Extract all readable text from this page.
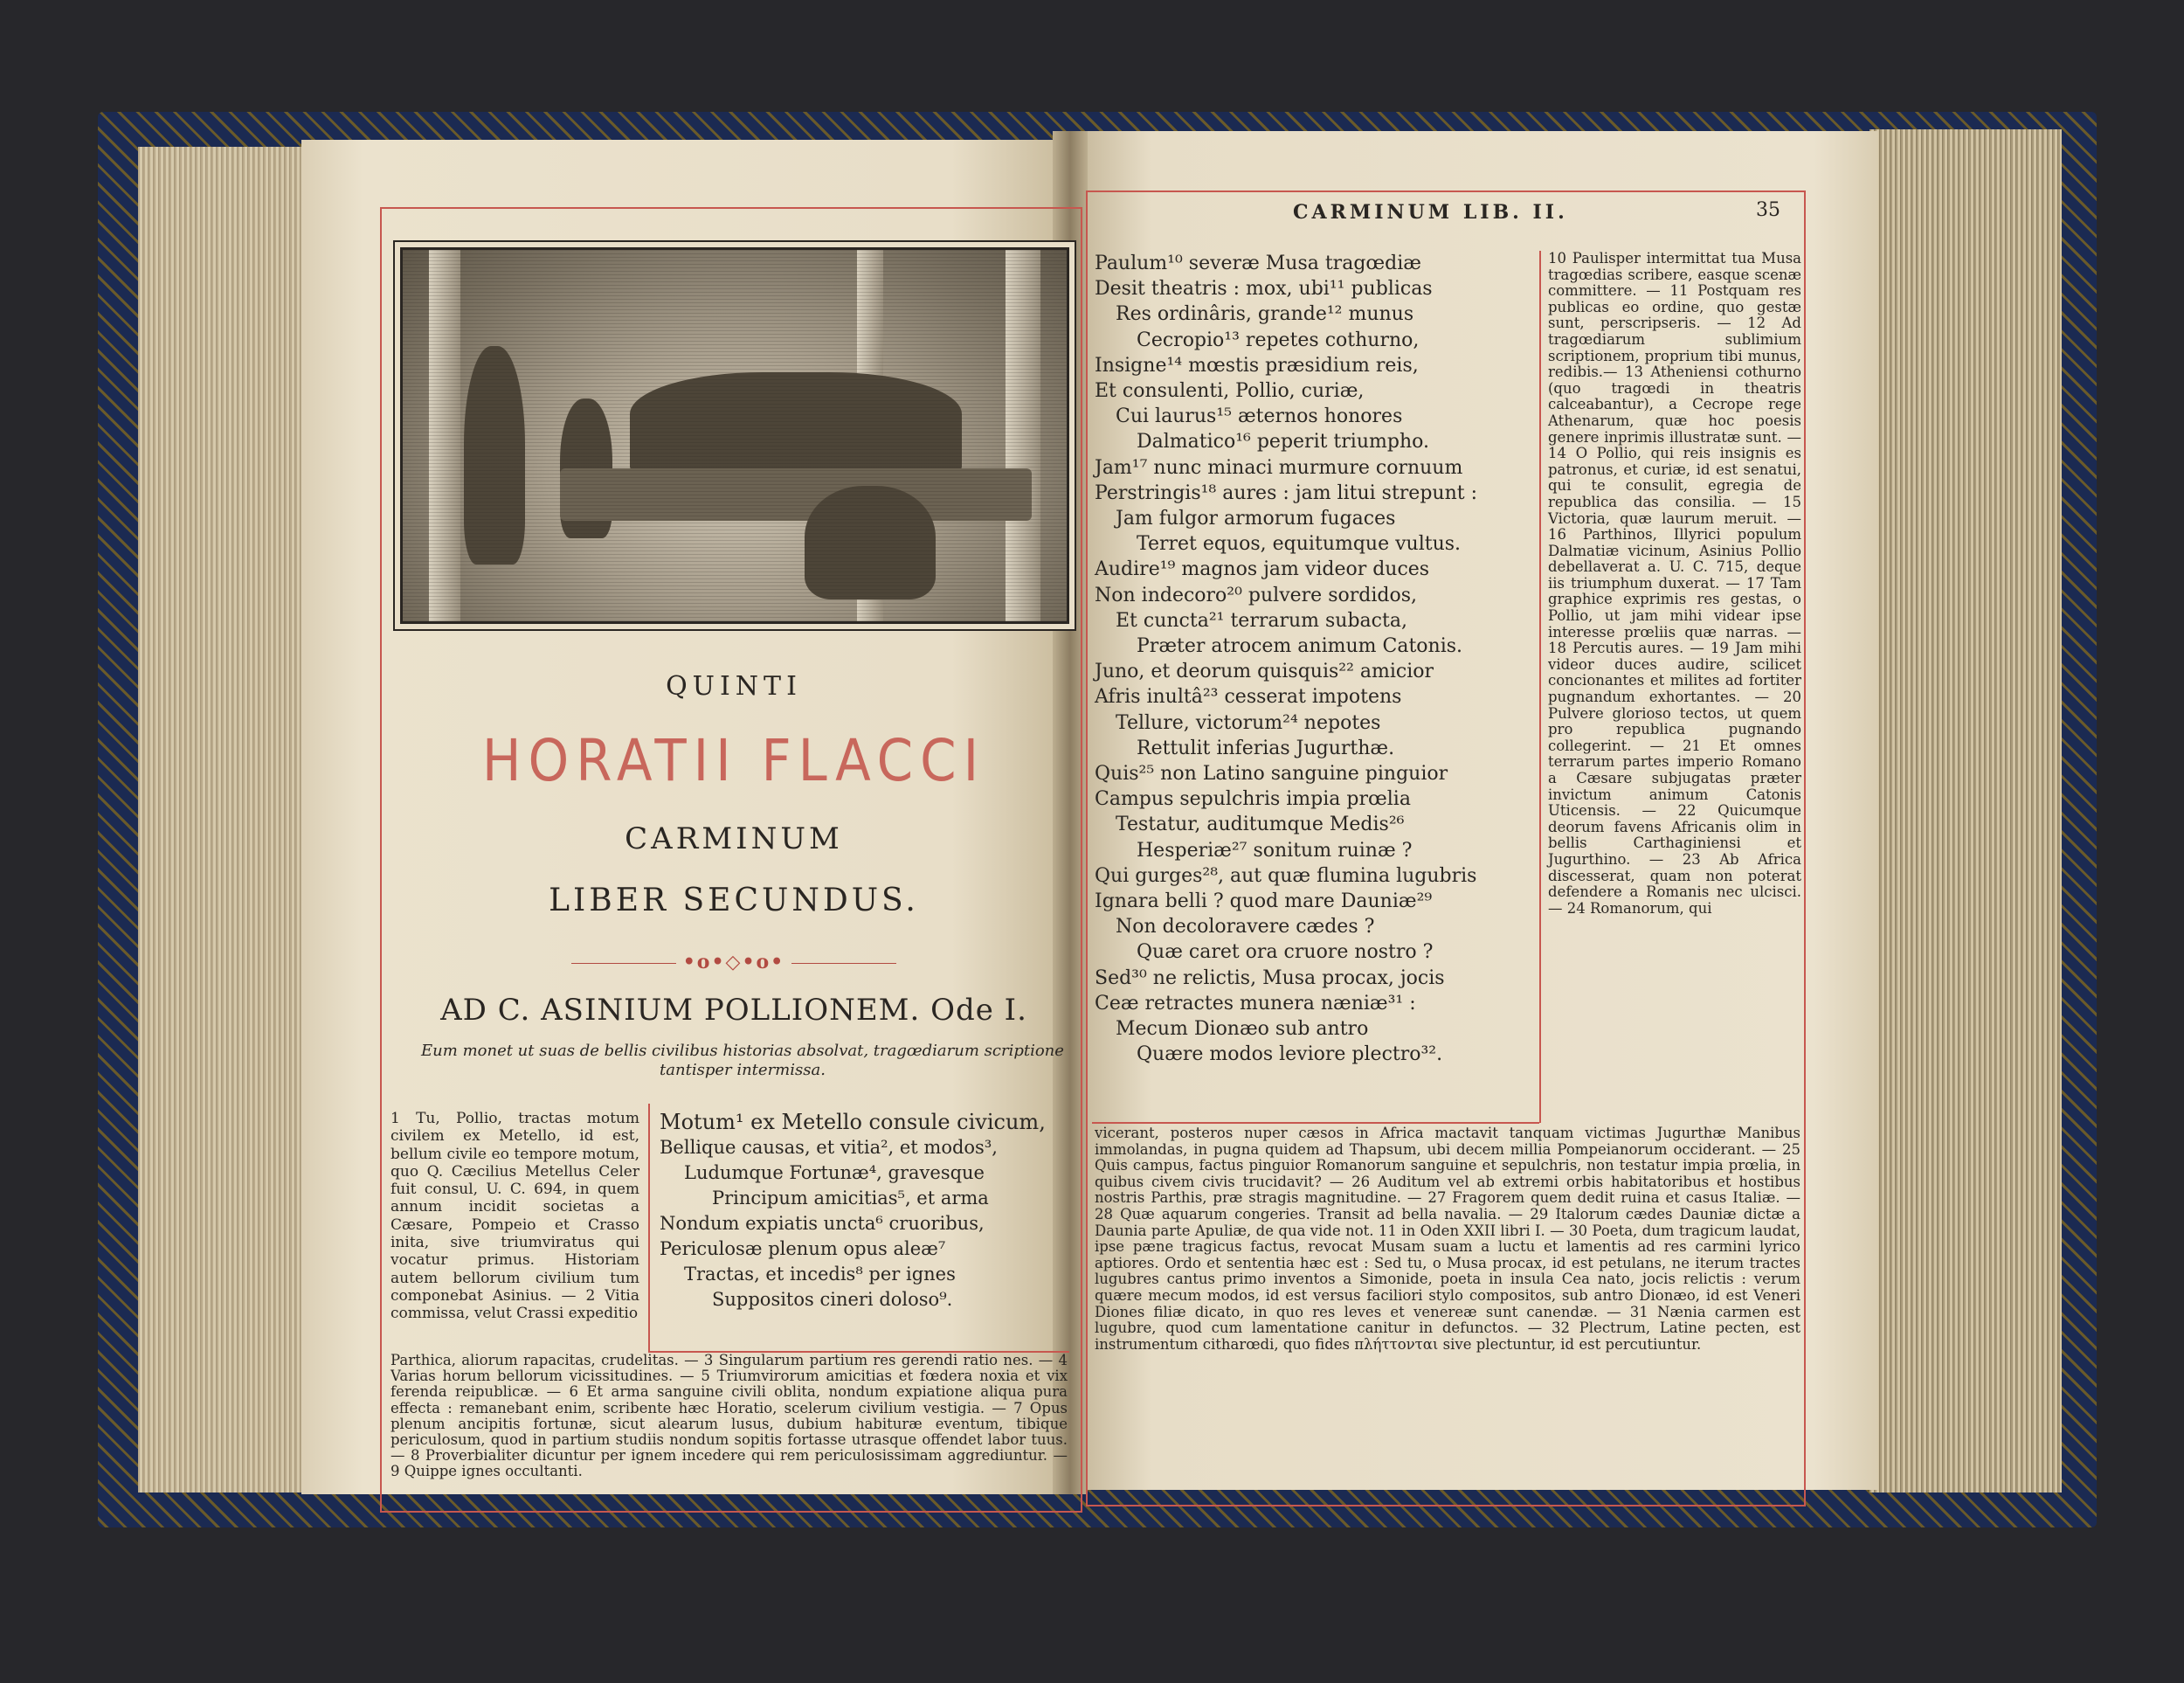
QUINTI
HORATII FLACCI
CARMINUM
LIBER SECUNDUS.
•o•◇•o•
AD C. ASINIUM POLLIONEM. Ode I.
Eum monet ut suas de bellis civilibus historias absolvat, tragœdiarum scriptione tantisper intermissa.
1 Tu, Pollio, tractas motum civilem ex Metello, id est, bellum civile eo tempore motum, quo Q. Cæcilius Metellus Celer fuit consul, U. C. 694, in quem annum incidit societas a Cæsare, Pompeio et Crasso inita, sive triumviratus qui vocatur primus. Historiam autem bellorum civilium tum componebat Asinius. — 2 Vitia commissa, velut Crassi expeditio
Motum¹ ex Metello consule civicum,
Bellique causas, et vitia², et modos³,
Ludumque Fortunæ⁴, gravesque
Principum amicitias⁵, et arma
Nondum expiatis uncta⁶ cruoribus,
Periculosæ plenum opus aleæ⁷
Tractas, et incedis⁸ per ignes
Suppositos cineri doloso⁹.
Parthica, aliorum rapacitas, crudelitas. — 3 Singularum partium res gerendi ratio nes. — 4 Varias horum bellorum vicissitudines. — 5 Triumvirorum amicitias et fœdera noxia et vix ferenda reipublicæ. — 6 Et arma sanguine civili oblita, nondum expiatione aliqua pura effecta : remanebant enim, scribente hæc Horatio, scelerum civilium vestigia. — 7 Opus plenum ancipitis fortunæ, sicut alearum lusus, dubium habituræ eventum, tibique periculosum, quod in partium studiis nondum sopitis fortasse utrasque offendet labor tuus. — 8 Proverbialiter dicuntur per ignem incedere qui rem periculosissimam aggrediuntur. — 9 Quippe ignes occultanti.
CARMINUM LIB. II.	35
Paulum¹⁰ severæ Musa tragœdiæ
Desit theatris : mox, ubi¹¹ publicas
Res ordinâris, grande¹² munus
Cecropio¹³ repetes cothurno,
Insigne¹⁴ mœstis præsidium reis,
Et consulenti, Pollio, curiæ,
Cui laurus¹⁵ æternos honores
Dalmatico¹⁶ peperit triumpho.
Jam¹⁷ nunc minaci murmure cornuum
Perstringis¹⁸ aures : jam litui strepunt :
Jam fulgor armorum fugaces
Terret equos, equitumque vultus.
Audire¹⁹ magnos jam videor duces
Non indecoro²⁰ pulvere sordidos,
Et cuncta²¹ terrarum subacta,
Præter atrocem animum Catonis.
Juno, et deorum quisquis²² amicior
Afris inultâ²³ cesserat impotens
Tellure, victorum²⁴ nepotes
Rettulit inferias Jugurthæ.
Quis²⁵ non Latino sanguine pinguior
Campus sepulchris impia prœlia
Testatur, auditumque Medis²⁶
Hesperiæ²⁷ sonitum ruinæ ?
Qui gurges²⁸, aut quæ flumina lugubris
Ignara belli ? quod mare Dauniæ²⁹
Non decoloravere cædes ?
Quæ caret ora cruore nostro ?
Sed³⁰ ne relictis, Musa procax, jocis
Ceæ retractes munera næniæ³¹ :
Mecum Dionæo sub antro
Quære modos leviore plectro³².
10 Paulisper intermittat tua Musa tragœdias scribere, easque scenæ committere. — 11 Postquam res publicas eo ordine, quo gestæ sunt, perscripseris. — 12 Ad tragœdiarum sublimium scriptionem, proprium tibi munus, redibis.— 13 Atheniensi cothurno (quo tragœdi in theatris calceabantur), a Cecrope rege Athenarum, quæ hoc poesis genere inprimis illustratæ sunt. — 14 O Pollio, qui reis insignis es patronus, et curiæ, id est senatui, qui te consulit, egregia de republica das consilia. — 15 Victoria, quæ laurum meruit. — 16 Parthinos, Illyrici populum Dalmatiæ vicinum, Asinius Pollio debellaverat a. U. C. 715, deque iis triumphum duxerat. — 17 Tam graphice exprimis res gestas, o Pollio, ut jam mihi videar ipse interesse prœliis quæ narras. — 18 Percutis aures. — 19 Jam mihi videor duces audire, scilicet concionantes et milites ad fortiter pugnandum exhortantes. — 20 Pulvere glorioso tectos, ut quem pro republica pugnando collegerint. — 21 Et omnes terrarum partes imperio Romano a Cæsare subjugatas præter invictum animum Catonis Uticensis. — 22 Quicumque deorum favens Africanis olim in bellis Carthaginiensi et Jugurthino. — 23 Ab Africa discesserat, quam non poterat defendere a Romanis nec ulcisci. — 24 Romanorum, qui
vicerant, posteros nuper cæsos in Africa mactavit tanquam victimas Jugurthæ Manibus immolandas, in pugna quidem ad Thapsum, ubi decem millia Pompeianorum occiderant. — 25 Quis campus, factus pinguior Romanorum sanguine et sepulchris, non testatur impia prœlia, in quibus civem civis trucidavit? — 26 Auditum vel ab extremi orbis habitatoribus et hostibus nostris Parthis, præ stragis magnitudine. — 27 Fragorem quem dedit ruina et casus Italiæ. — 28 Quæ aquarum congeries. Transit ad bella navalia. — 29 Italorum cædes Dauniæ dictæ a Daunia parte Apuliæ, de qua vide not. 11 in Oden XXII libri I. — 30 Poeta, dum tragicum laudat, ipse pæne tragicus factus, revocat Musam suam a luctu et lamentis ad res carmini lyrico aptiores. Ordo et sententia hæc est : Sed tu, o Musa procax, id est petulans, ne iterum tractes lugubres cantus primo inventos a Simonide, poeta in insula Cea nato, jocis relictis : verum quære mecum modos, id est versus faciliori stylo compositos, sub antro Dionæo, id est Veneri Diones filiæ dicato, in quo res leves et venereæ sunt canendæ. — 31 Nænia carmen est lugubre, quod cum lamentatione canitur in defunctos. — 32 Plectrum, Latine pecten, est instrumentum citharœdi, quo fides πλήττονται sive plectuntur, id est percutiuntur.
